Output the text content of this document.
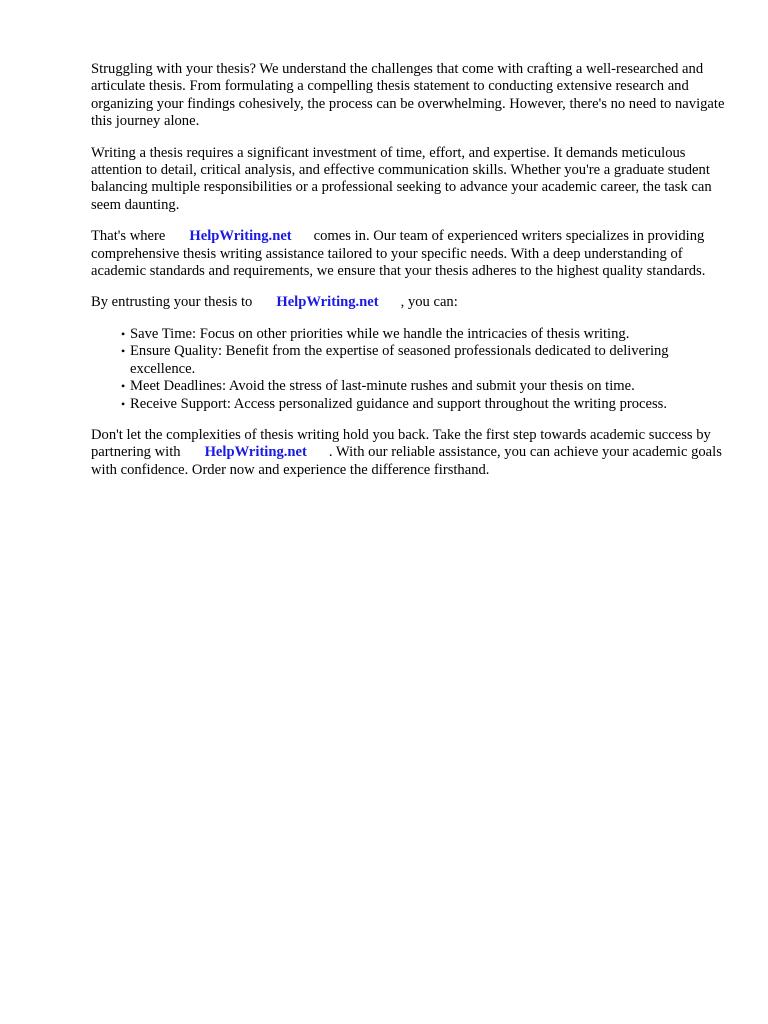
Struggling with your thesis? We understand the challenges that come with crafting a well-researched and articulate thesis. From formulating a compelling thesis statement to conducting extensive research and organizing your findings cohesively, the process can be overwhelming. However, there's no need to navigate this journey alone.

Writing a thesis requires a significant investment of time, effort, and expertise. It demands meticulous attention to detail, critical analysis, and effective communication skills. Whether you're a graduate student balancing multiple responsibilities or a professional seeking to advance your academic career, the task can seem daunting.

That's where HelpWriting.net comes in. Our team of experienced writers specializes in providing comprehensive thesis writing assistance tailored to your specific needs. With a deep understanding of academic standards and requirements, we ensure that your thesis adheres to the highest quality standards.

By entrusting your thesis to HelpWriting.net , you can:

• Save Time: Focus on other priorities while we handle the intricacies of thesis writing.
• Ensure Quality: Benefit from the expertise of seasoned professionals dedicated to delivering excellence.
• Meet Deadlines: Avoid the stress of last-minute rushes and submit your thesis on time.
• Receive Support: Access personalized guidance and support throughout the writing process.

Don't let the complexities of thesis writing hold you back. Take the first step towards academic success by partnering with HelpWriting.net . With our reliable assistance, you can achieve your academic goals with confidence. Order now and experience the difference firsthand.
